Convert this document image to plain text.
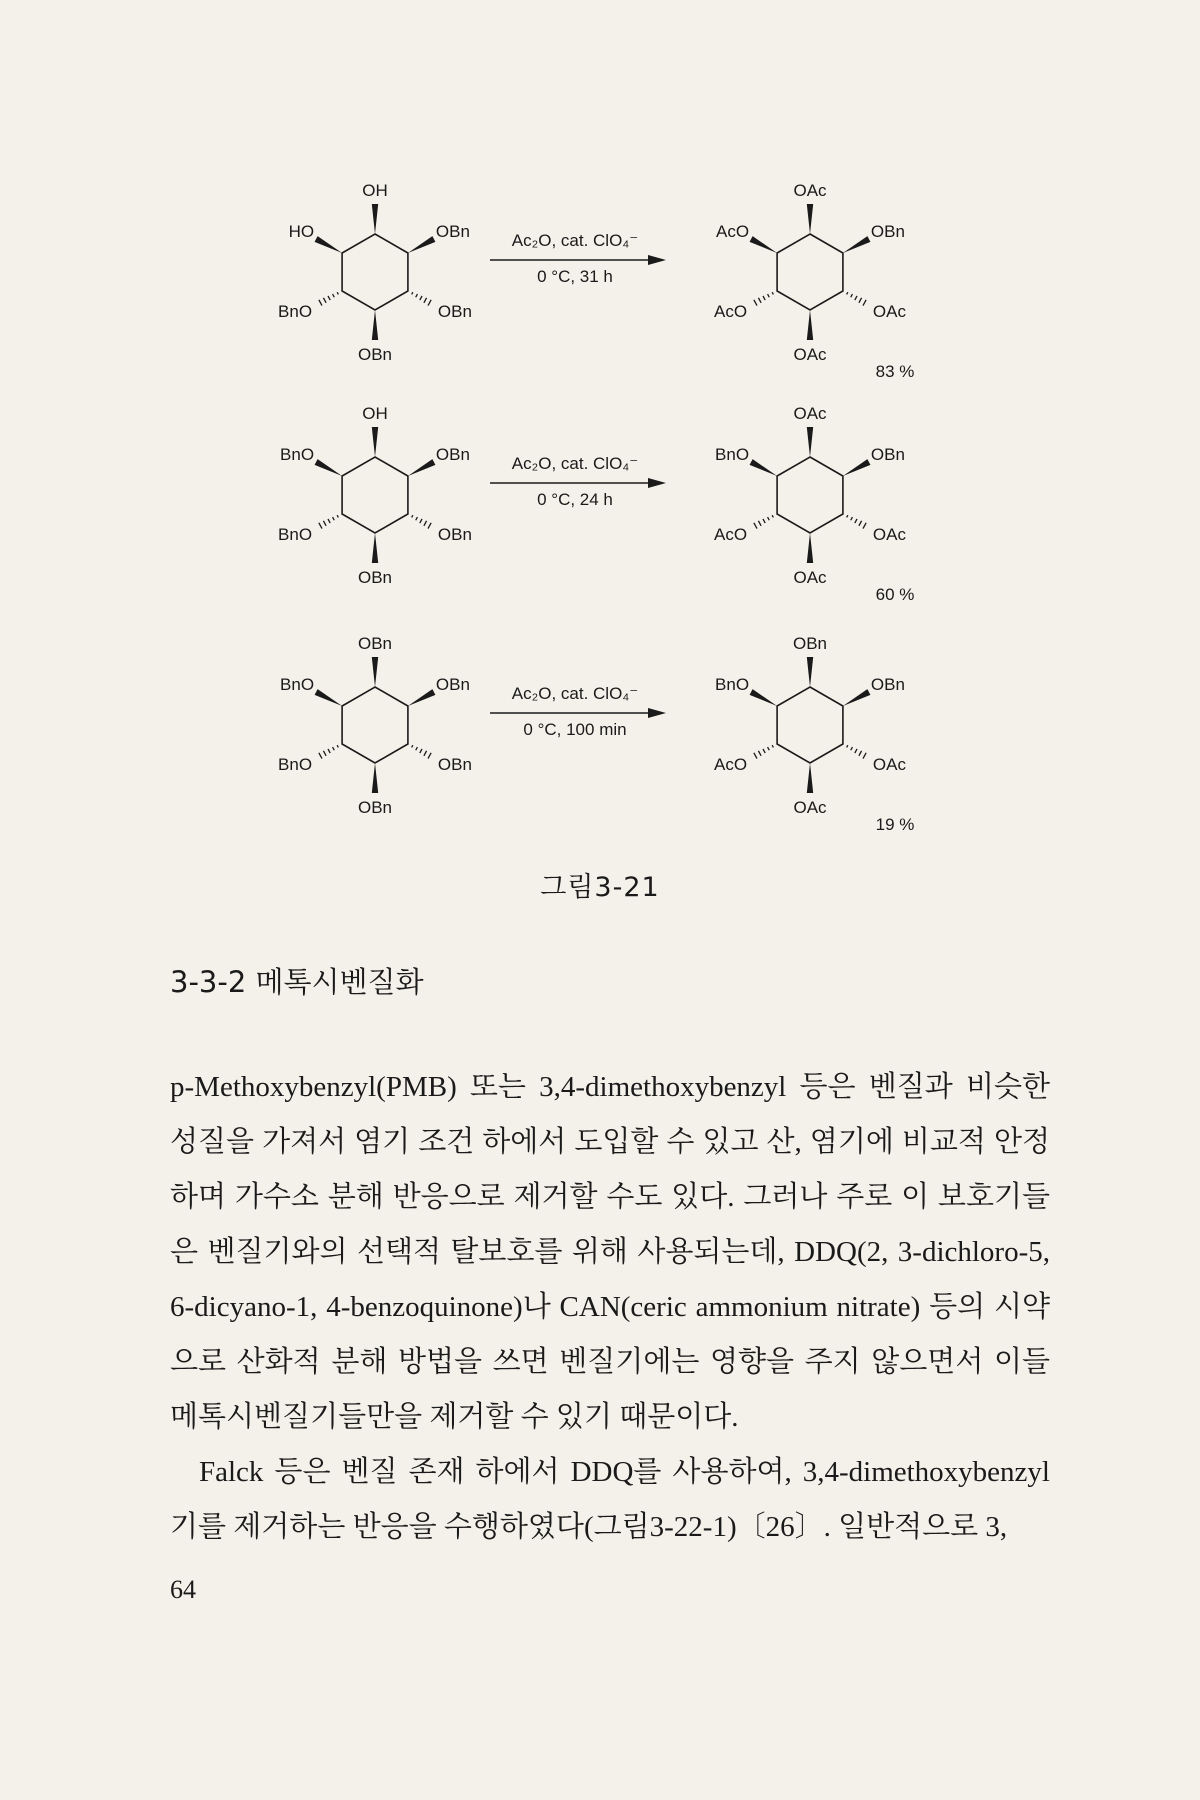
OH
OBn
HO	OBn
BnO	OBn
OAc
OAc
AcO	OBn
AcO	OAc
Ac₂O, cat. ClO₄⁻
0 °C, 31 h
83 %
OH
OBn
BnO	OBn
BnO	OBn
OAc
OAc
BnO	OBn
AcO	OAc
Ac₂O, cat. ClO₄⁻
0 °C, 24 h
60 %
OBn
OBn
BnO	OBn
BnO	OBn
OBn
OAc
BnO	OBn
AcO	OAc
Ac₂O, cat. ClO₄⁻
0 °C, 100 min
19 %
그림3-21
3-3-2 메톡시벤질화

p-Methoxybenzyl(PMB) 또는 3,4-dimethoxybenzyl 등은 벤질과 비슷한 성질을 가져서 염기 조건 하에서 도입할 수 있고 산, 염기에 비교적 안정하며 가수소 분해 반응으로 제거할 수도 있다. 그러나 주로 이 보호기들은 벤질기와의 선택적 탈보호를 위해 사용되는데, DDQ(2, 3-dichloro-5, 6-dicyano-1, 4-benzoquinone)나 CAN(ceric ammonium nitrate) 등의 시약으로 산화적 분해 방법을 쓰면 벤질기에는 영향을 주지 않으면서 이들 메톡시벤질기들만을 제거할 수 있기 때문이다.

Falck 등은 벤질 존재 하에서 DDQ를 사용하여, 3,4-dimethoxybenzyl기를 제거하는 반응을 수행하였다(그림3-22-1)〔26〕. 일반적으로 3,

64
